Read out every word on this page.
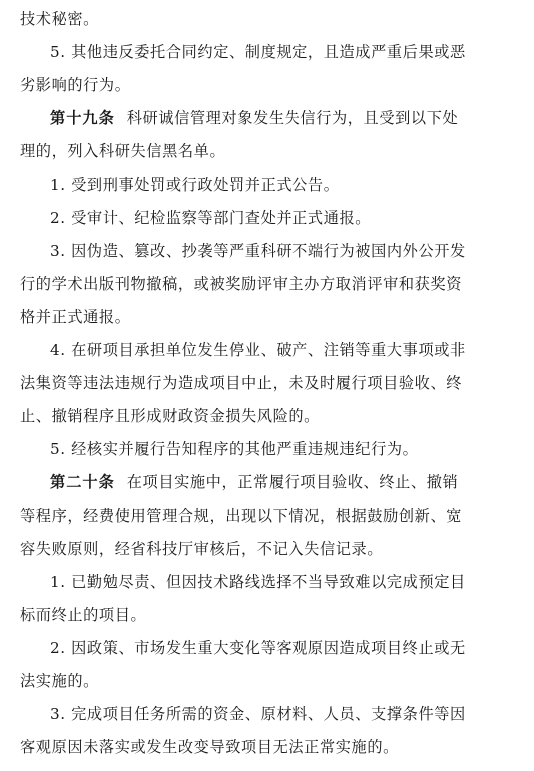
技术秘密。
5. 其他违反委托合同约定、制度规定，且造成严重后果或恶
劣影响的行为。
第十九条 科研诚信管理对象发生失信行为，且受到以下处
理的，列入科研失信黑名单。
1. 受到刑事处罚或行政处罚并正式公告。
2. 受审计、纪检监察等部门查处并正式通报。
3. 因伪造、篡改、抄袭等严重科研不端行为被国内外公开发
行的学术出版刊物撤稿，或被奖励评审主办方取消评审和获奖资
格并正式通报。
4. 在研项目承担单位发生停业、破产、注销等重大事项或非
法集资等违法违规行为造成项目中止，未及时履行项目验收、终
止、撤销程序且形成财政资金损失风险的。
5. 经核实并履行告知程序的其他严重违规违纪行为。
第二十条 在项目实施中，正常履行项目验收、终止、撤销
等程序，经费使用管理合规，出现以下情况，根据鼓励创新、宽
容失败原则，经省科技厅审核后，不记入失信记录。
1. 已勤勉尽责、但因技术路线选择不当导致难以完成预定目
标而终止的项目。
2. 因政策、市场发生重大变化等客观原因造成项目终止或无
法实施的。
3. 完成项目任务所需的资金、原材料、人员、支撑条件等因
客观原因未落实或发生改变导致项目无法正常实施的。
